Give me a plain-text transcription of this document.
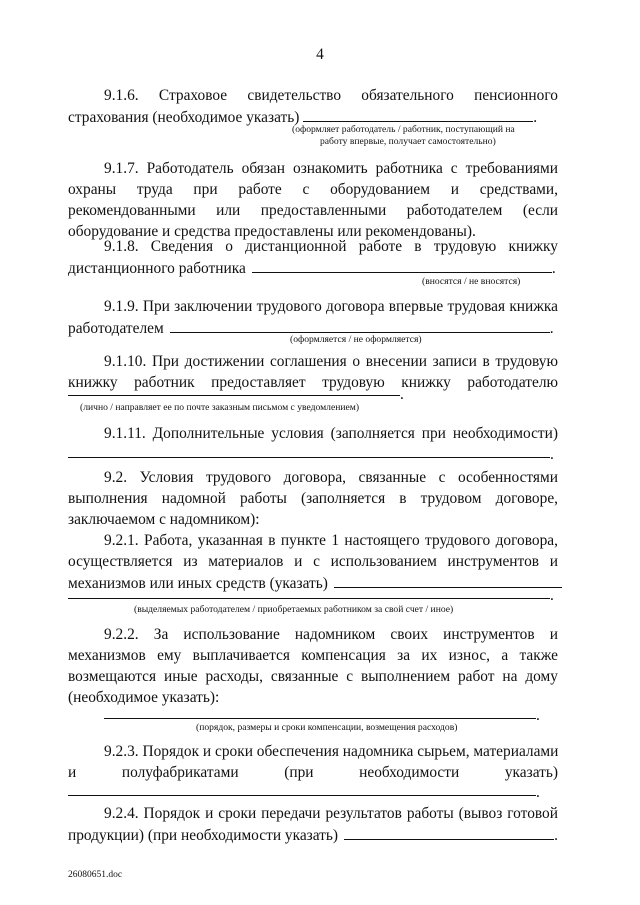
4
9.1.6. Страховое свидетельство обязательного пенсионного
страхования (необходимое указать)	.
(оформляет работодатель / работник, поступающий на
работу впервые, получает самостоятельно)
9.1.7. Работодатель обязан ознакомить работника с требованиями
охраны труда при работе с оборудованием и средствами,
рекомендованными или предоставленными работодателем (если
оборудование и средства предоставлены или рекомендованы).
9.1.8. Сведения о дистанционной работе в трудовую книжку
дистанционного работника	.
(вносятся / не вносятся)
9.1.9. При заключении трудового договора впервые трудовая книжка
работодателем	.
(оформляется / не оформляется)
9.1.10. При достижении соглашения о внесении записи в трудовую
книжку работник предоставляет трудовую книжку работодателю
.
(лично / направляет ее по почте заказным письмом с уведомлением)
9.1.11. Дополнительные условия (заполняется при необходимости)
.
9.2. Условия трудового договора, связанные с особенностями
выполнения надомной работы (заполняется в трудовом договоре,
заключаемом с надомником):
9.2.1. Работа, указанная в пункте 1 настоящего трудового договора,
осуществляется из материалов и с использованием инструментов и
механизмов или иных средств (указать)
.
(выделяемых работодателем / приобретаемых работником за свой счет / иное)
9.2.2. За использование надомником своих инструментов и
механизмов ему выплачивается компенсация за их износ, а также
возмещаются иные расходы, связанные с выполнением работ на дому
(необходимое указать):
.
(порядок, размеры и сроки компенсации, возмещения расходов)
9.2.3. Порядок и сроки обеспечения надомника сырьем, материалами
и полуфабрикатами (при необходимости указать)
.
9.2.4. Порядок и сроки передачи результатов работы (вывоз готовой
продукции) (при необходимости указать)	.
26080651.doc
